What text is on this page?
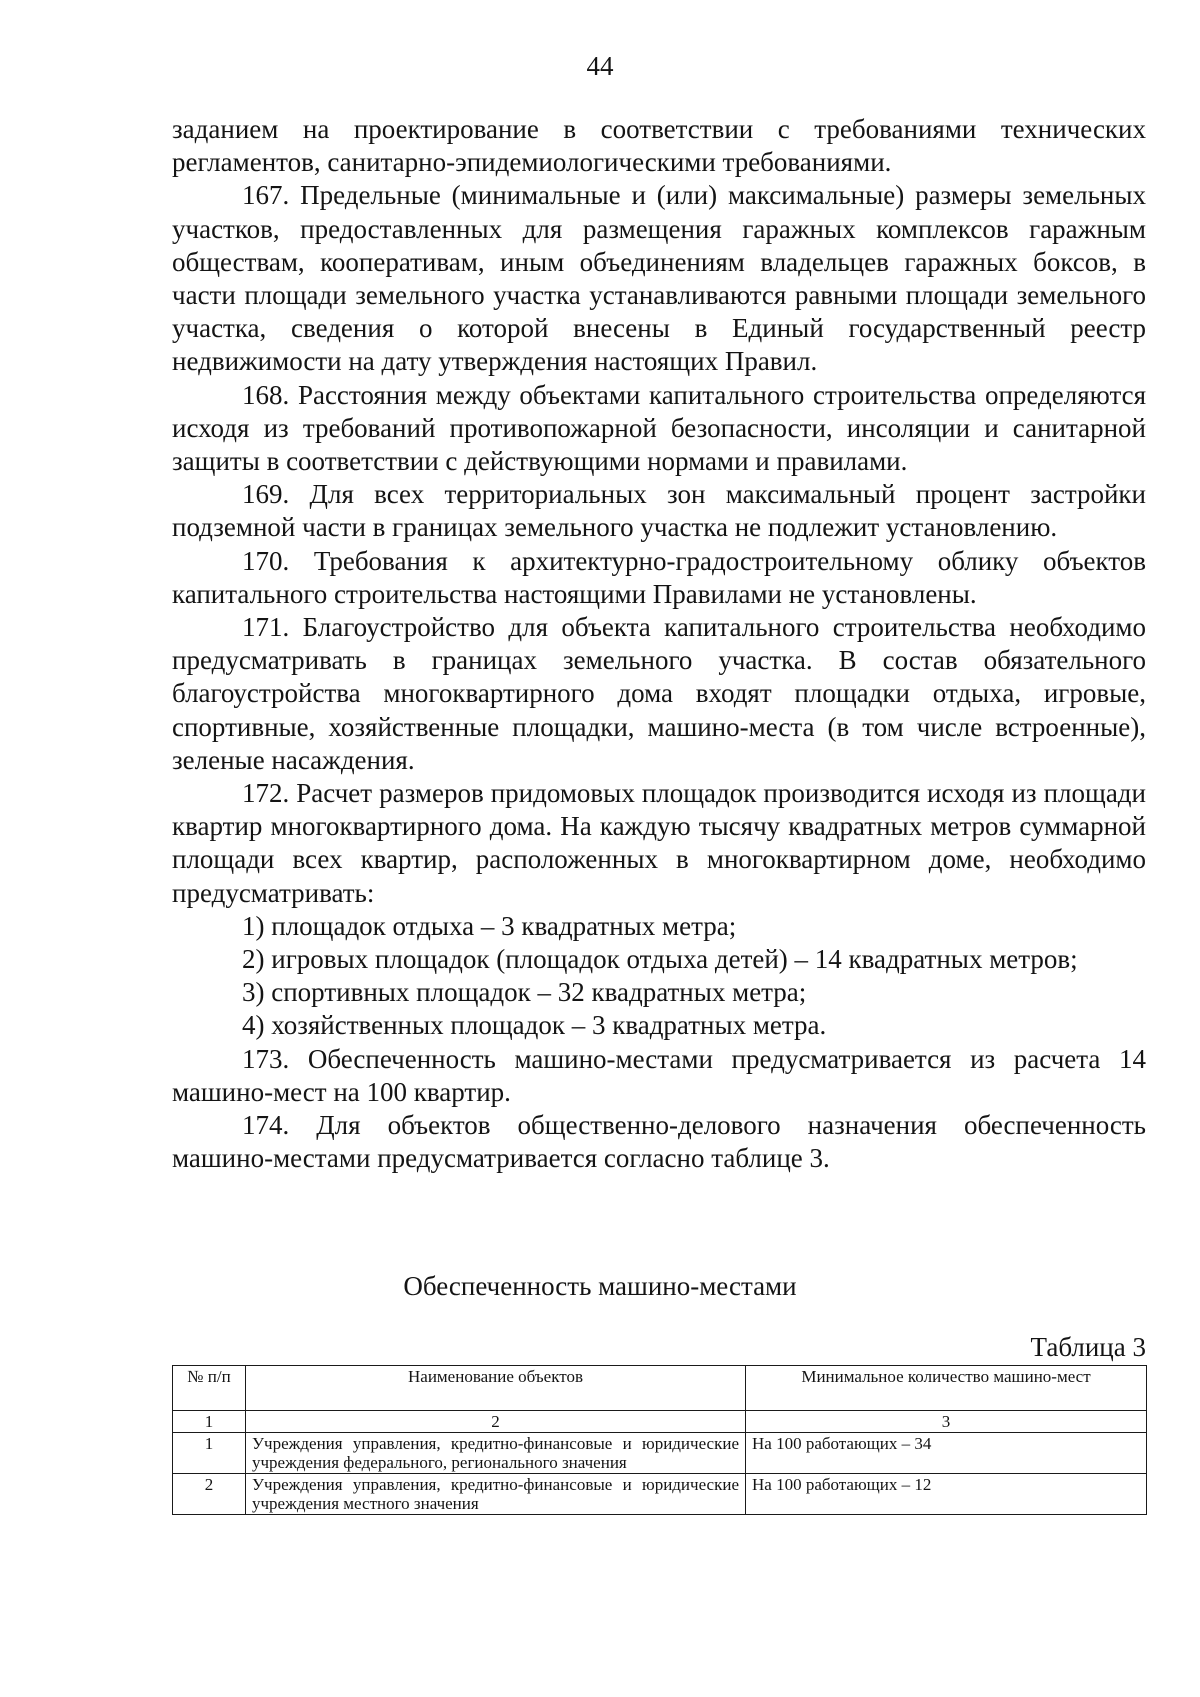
44

заданием на проектирование в соответствии с требованиями технических регламентов, санитарно-эпидемиологическими требованиями.

167. Предельные (минимальные и (или) максимальные) размеры земельных участков, предоставленных для размещения гаражных комплексов гаражным обществам, кооперативам, иным объединениям владельцев гаражных боксов, в части площади земельного участка устанавливаются равными площади земельного участка, сведения о которой внесены в Единый государственный реестр недвижимости на дату утверждения настоящих Правил.

168. Расстояния между объектами капитального строительства определяются исходя из требований противопожарной безопасности, инсоляции и санитарной защиты в соответствии с действующими нормами и правилами.

169. Для всех территориальных зон максимальный процент застройки подземной части в границах земельного участка не подлежит установлению.

170. Требования к архитектурно-градостроительному облику объектов капитального строительства настоящими Правилами не установлены.

171. Благоустройство для объекта капитального строительства необходимо предусматривать в границах земельного участка. В состав обязательного благоустройства многоквартирного дома входят площадки отдыха, игровые, спортивные, хозяйственные площадки, машино-места (в том числе встроенные), зеленые насаждения.

172. Расчет размеров придомовых площадок производится исходя из площади квартир многоквартирного дома. На каждую тысячу квадратных метров суммарной площади всех квартир, расположенных в многоквартирном доме, необходимо предусматривать:

1) площадок отдыха – 3 квадратных метра;

2) игровых площадок (площадок отдыха детей) – 14 квадратных метров;

3) спортивных площадок – 32 квадратных метра;

4) хозяйственных площадок – 3 квадратных метра.

173. Обеспеченность машино-местами предусматривается из расчета 14 машино-мест на 100 квартир.

174. Для объектов общественно-делового назначения обеспеченность машино-местами предусматривается согласно таблице 3.

Обеспеченность машино-местами
Таблица 3
№ п/п	Наименование объектов	Минимальное количество машино-мест
1	2	3
1	Учреждения управления, кредитно-финансовые и юридические учреждения федерального, регионального значения	На 100 работающих – 34
2	Учреждения управления, кредитно-финансовые и юридические учреждения местного значения	На 100 работающих – 12
